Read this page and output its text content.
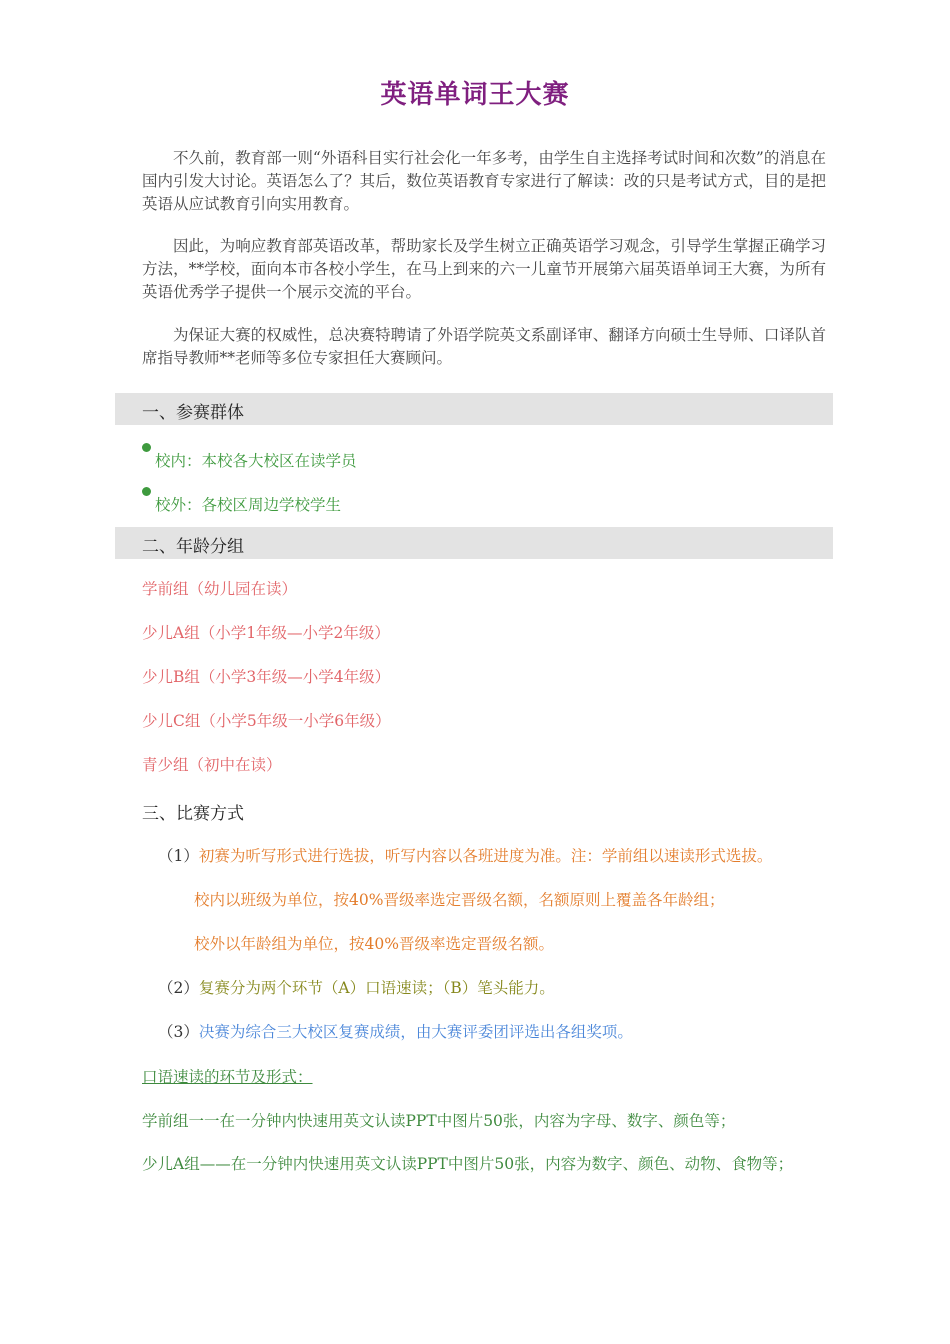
英语单词王大赛

不久前，教育部一则“外语科目实行社会化一年多考，由学生自主选择考试时间和次数”的消息在国内引发大讨论。英语怎么了？其后，数位英语教育专家进行了解读：改的只是考试方式，目的是把英语从应试教育引向实用教育。

因此，为响应教育部英语改革，帮助家长及学生树立正确英语学习观念，引导学生掌握正确学习方法，**学校，面向本市各校小学生，在马上到来的六一儿童节开展第六届英语单词王大赛，为所有英语优秀学子提供一个展示交流的平台。

为保证大赛的权威性，总决赛特聘请了外语学院英文系副译审、翻译方向硕士生导师、口译队首席指导教师**老师等多位专家担任大赛顾问。

一、参赛群体

校内：本校各大校区在读学员

校外：各校区周边学校学生

二、年龄分组

学前组（幼儿园在读）

少儿A组（小学1年级—小学2年级）

少儿B组（小学3年级—小学4年级）

少儿C组（小学5年级一小学6年级）

青少组（初中在读）

三、比赛方式

（1）初赛为听写形式进行选拔，听写内容以各班进度为准。注：学前组以速读形式选拔。

校内以班级为单位，按40%晋级率选定晋级名额，名额原则上覆盖各年龄组；

校外以年龄组为单位，按40%晋级率选定晋级名额。

（2）复赛分为两个环节（A）口语速读；（B）笔头能力。

（3）决赛为综合三大校区复赛成绩，由大赛评委团评选出各组奖项。

口语速读的环节及形式：

学前组一一在一分钟内快速用英文认读PPT中图片50张，内容为字母、数字、颜色等；

少儿A组——在一分钟内快速用英文认读PPT中图片50张，内容为数字、颜色、动物、食物等；
